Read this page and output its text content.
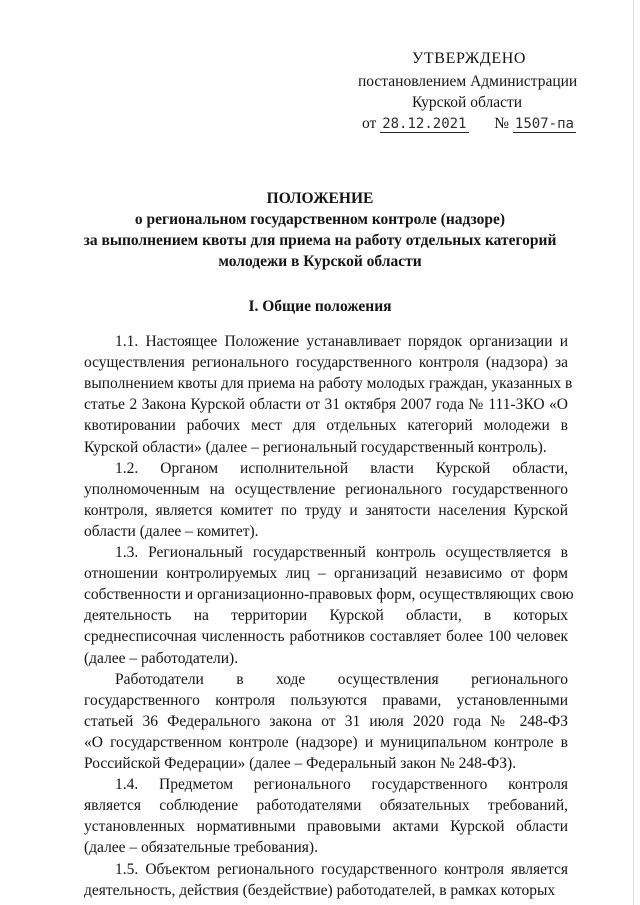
УТВЕРЖДЕНО
постановлением Администрации
Курской области
от 28.12.2021 № 1507-па
ПОЛОЖЕНИЕ
о региональном государственном контроле (надзоре)
за выполнением квоты для приема на работу отдельных категорий
молодежи в Курской области
I. Общие положения
  1.1. Настоящее Положение устанавливает порядок организации и
осуществления регионального государственного контроля (надзора) за
выполнением квоты для приема на работу молодых граждан, указанных в
статье 2 Закона Курской области от 31 октября 2007 года № 111-ЗКО «О
квотировании рабочих мест для отдельных категорий молодежи в
Курской области» (далее – региональный государственный контроль).
  1.2.    Органом    исполнительной    власти    Курской    области,
уполномоченным на осуществление регионального государственного
контроля, является комитет по труду и занятости населения Курской
области (далее – комитет).
  1.3. Региональный государственный контроль осуществляется в
отношении контролируемых лиц – организаций независимо от форм
собственности и организационно-правовых форм, осуществляющих свою
деятельность на территории Курской области, в которых
среднесписочная численность работников составляет более 100 человек
(далее – работодатели).
  Работодатели в ходе осуществления регионального
государственного контроля пользуются правами, установленными
статьей 36 Федерального закона от 31 июля 2020 года № 248-ФЗ
«О государственном контроле (надзоре) и муниципальном контроле в
Российской Федерации» (далее – Федеральный закон № 248-ФЗ).
  1.4. Предметом регионального государственного контроля
является соблюдение работодателями обязательных требований,
установленных нормативными правовыми актами Курской области
(далее – обязательные требования).
  1.5. Объектом регионального государственного контроля является
деятельность, действия (бездействие) работодателей, в рамках которых
